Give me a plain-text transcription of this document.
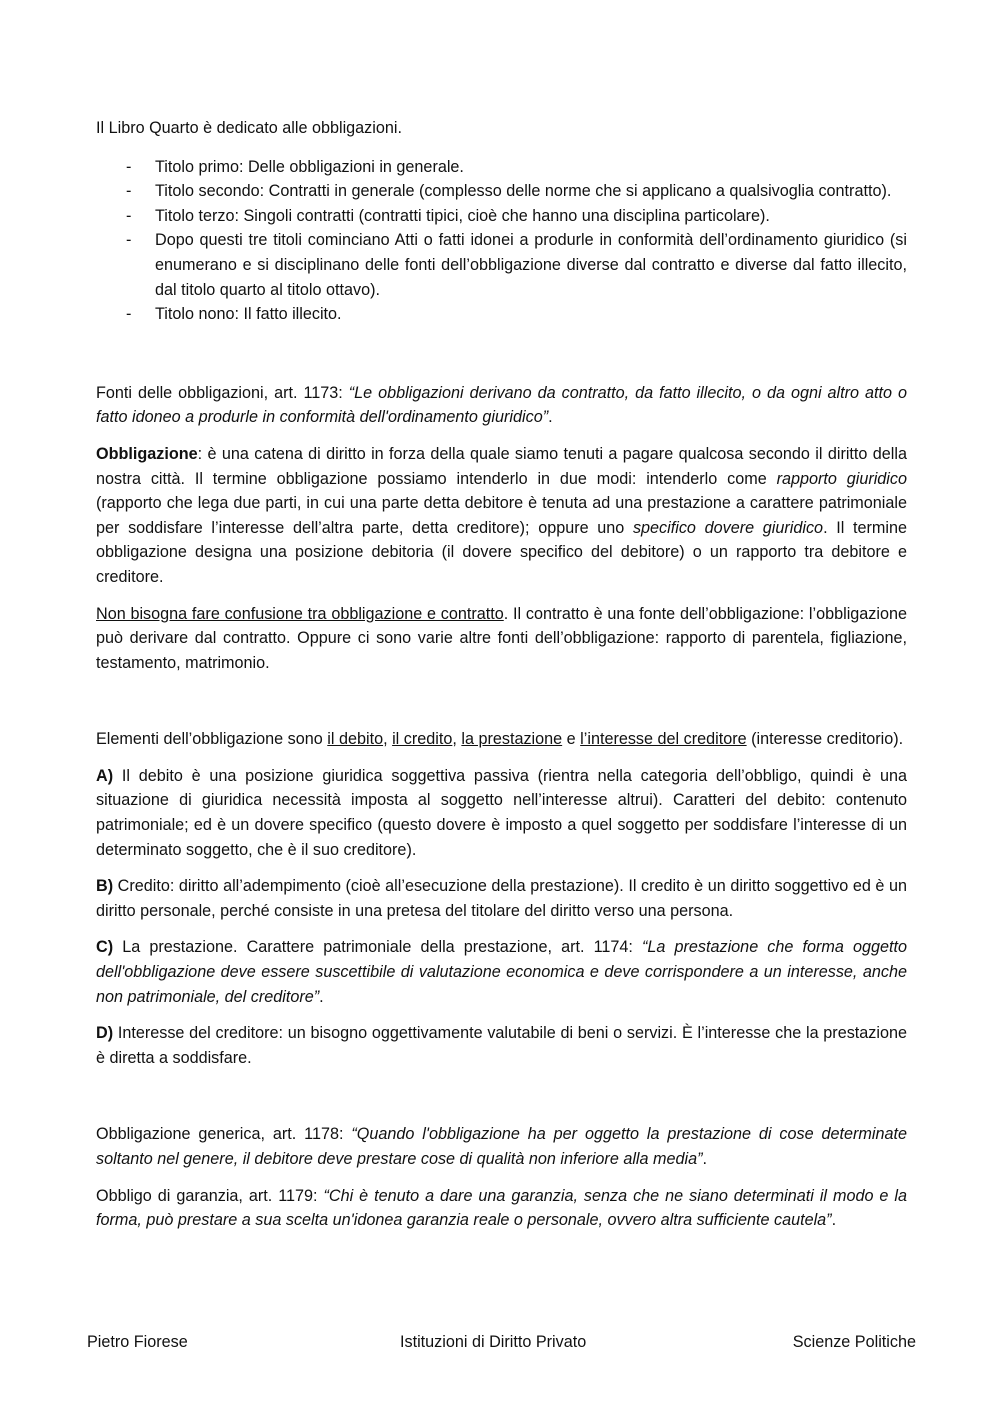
Il Libro Quarto è dedicato alle obbligazioni.

- Titolo primo: Delle obbligazioni in generale.
- Titolo secondo: Contratti in generale (complesso delle norme che si applicano a qualsivoglia contratto).
- Titolo terzo: Singoli contratti (contratti tipici, cioè che hanno una disciplina particolare).
- Dopo questi tre titoli cominciano Atti o fatti idonei a produrle in conformità dell’ordinamento giuridico (si enumerano e si disciplinano delle fonti dell’obbligazione diverse dal contratto e diverse dal fatto illecito, dal titolo quarto al titolo ottavo).
- Titolo nono: Il fatto illecito.

Fonti delle obbligazioni, art. 1173: “Le obbligazioni derivano da contratto, da fatto illecito, o da ogni altro atto o fatto idoneo a produrle in conformità dell'ordinamento giuridico”.

Obbligazione: è una catena di diritto in forza della quale siamo tenuti a pagare qualcosa secondo il diritto della nostra città. Il termine obbligazione possiamo intenderlo in due modi: intenderlo come rapporto giuridico (rapporto che lega due parti, in cui una parte detta debitore è tenuta ad una prestazione a carattere patrimoniale per soddisfare l’interesse dell’altra parte, detta creditore); oppure uno specifico dovere giuridico. Il termine obbligazione designa una posizione debitoria (il dovere specifico del debitore) o un rapporto tra debitore e creditore.

Non bisogna fare confusione tra obbligazione e contratto. Il contratto è una fonte dell’obbligazione: l’obbligazione può derivare dal contratto. Oppure ci sono varie altre fonti dell’obbligazione: rapporto di parentela, figliazione, testamento, matrimonio.

Elementi dell’obbligazione sono il debito, il credito, la prestazione e l’interesse del creditore (interesse creditorio).

A) Il debito è una posizione giuridica soggettiva passiva (rientra nella categoria dell’obbligo, quindi è una situazione di giuridica necessità imposta al soggetto nell’interesse altrui). Caratteri del debito: contenuto patrimoniale; ed è un dovere specifico (questo dovere è imposto a quel soggetto per soddisfare l’interesse di un determinato soggetto, che è il suo creditore).

B) Credito: diritto all’adempimento (cioè all’esecuzione della prestazione). Il credito è un diritto soggettivo ed è un diritto personale, perché consiste in una pretesa del titolare del diritto verso una persona.

C) La prestazione. Carattere patrimoniale della prestazione, art. 1174: “La prestazione che forma oggetto dell'obbligazione deve essere suscettibile di valutazione economica e deve corrispondere a un interesse, anche non patrimoniale, del creditore”.

D) Interesse del creditore: un bisogno oggettivamente valutabile di beni o servizi. È l’interesse che la prestazione è diretta a soddisfare.

Obbligazione generica, art. 1178: “Quando l'obbligazione ha per oggetto la prestazione di cose determinate soltanto nel genere, il debitore deve prestare cose di qualità non inferiore alla media”.

Obbligo di garanzia, art. 1179: “Chi è tenuto a dare una garanzia, senza che ne siano determinati il modo e la forma, può prestare a sua scelta un'idonea garanzia reale o personale, ovvero altra sufficiente cautela”.

Pietro Fiorese	Istituzioni di Diritto Privato	Scienze Politiche
